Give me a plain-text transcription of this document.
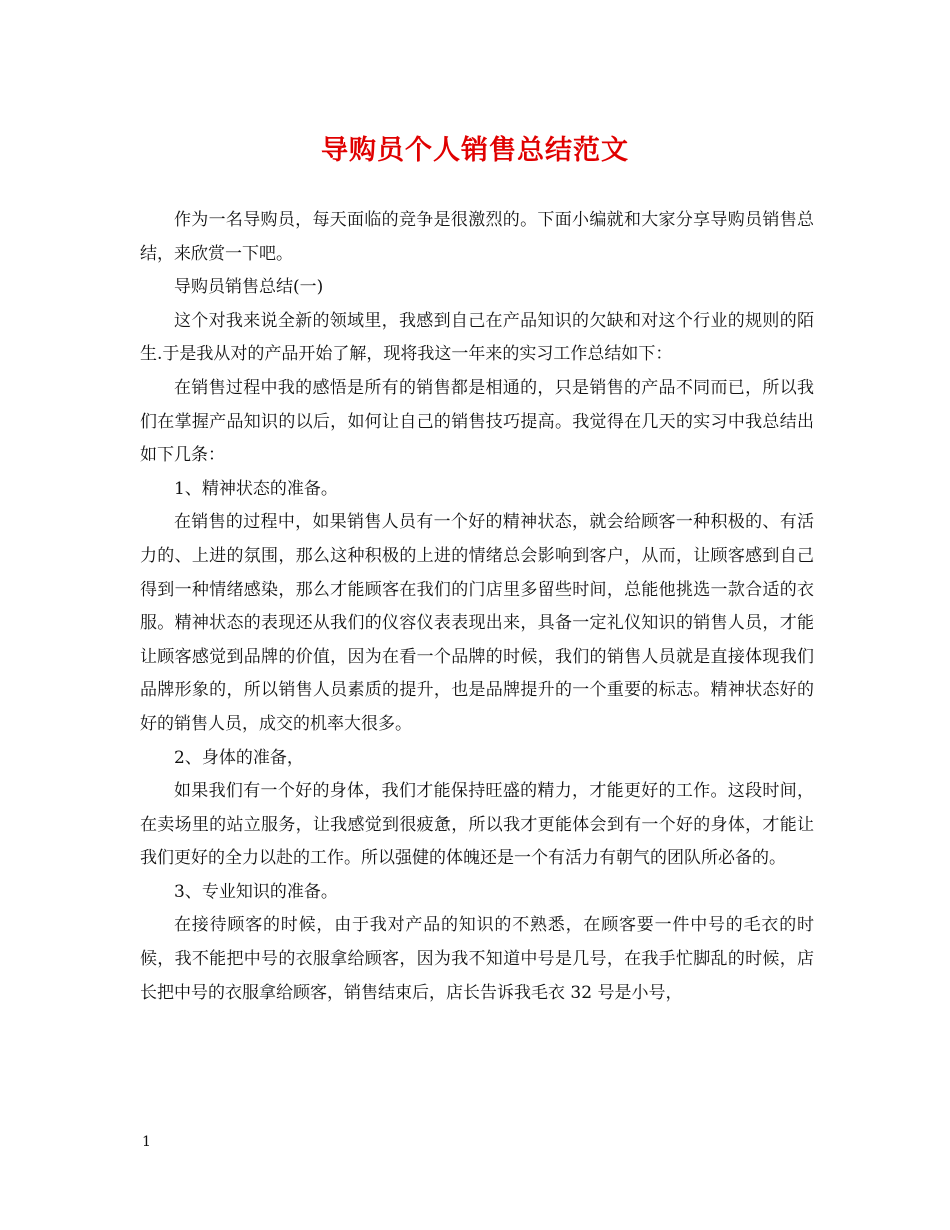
导购员个人销售总结范文

作为一名导购员，每天面临的竞争是很激烈的。下面小编就和大家分享导购员销售总结，来欣赏一下吧。

导购员销售总结(一)

这个对我来说全新的领域里，我感到自己在产品知识的欠缺和对这个行业的规则的陌生.于是我从对的产品开始了解，现将我这一年来的实习工作总结如下：

在销售过程中我的感悟是所有的销售都是相通的，只是销售的产品不同而已，所以我们在掌握产品知识的以后，如何让自己的销售技巧提高。我觉得在几天的实习中我总结出如下几条：

1、精神状态的准备。

在销售的过程中，如果销售人员有一个好的精神状态，就会给顾客一种积极的、有活力的、上进的氛围，那么这种积极的上进的情绪总会影响到客户，从而，让顾客感到自己得到一种情绪感染，那么才能顾客在我们的门店里多留些时间，总能他挑选一款合适的衣服。精神状态的表现还从我们的仪容仪表表现出来，具备一定礼仪知识的销售人员，才能让顾客感觉到品牌的价值，因为在看一个品牌的时候，我们的销售人员就是直接体现我们品牌形象的，所以销售人员素质的提升，也是品牌提升的一个重要的标志。精神状态好的好的销售人员，成交的机率大很多。

2、身体的准备，

如果我们有一个好的身体，我们才能保持旺盛的精力，才能更好的工作。这段时间，在卖场里的站立服务，让我感觉到很疲惫，所以我才更能体会到有一个好的身体，才能让我们更好的全力以赴的工作。所以强健的体魄还是一个有活力有朝气的团队所必备的。

3、专业知识的准备。

在接待顾客的时候，由于我对产品的知识的不熟悉，在顾客要一件中号的毛衣的时候，我不能把中号的衣服拿给顾客，因为我不知道中号是几号，在我手忙脚乱的时候，店长把中号的衣服拿给顾客，销售结束后，店长告诉我毛衣 32 号是小号，

1
